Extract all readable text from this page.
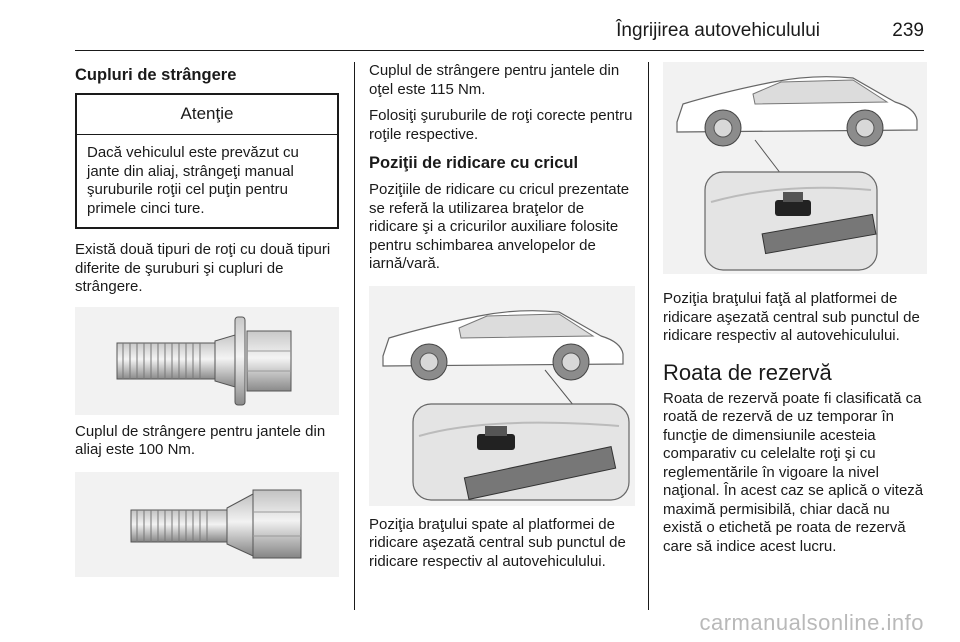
Îngrijirea autovehiculului	239
Cupluri de strângere
Atenţie
Dacă vehiculul este prevăzut cu jante din aliaj, strângeţi manual şuruburile roţii cel puţin pentru primele cinci ture.

Există două tipuri de roţi cu două tipuri diferite de şuruburi şi cupluri de strângere.

Cuplul de strângere pentru jantele din aliaj este 100 Nm.

Cuplul de strângere pentru jantele din oţel este 115 Nm.

Folosiţi şuruburile de roţi corecte pentru roţile respective.

Poziţii de ridicare cu cricul

Poziţiile de ridicare cu cricul prezentate se referă la utilizarea braţelor de ridicare şi a cricurilor auxiliare folosite pentru schimbarea anvelopelor de iarnă/vară.

Poziţia braţului spate al platformei de ridicare aşezată central sub punctul de ridicare respectiv al autovehiculului.

Poziţia braţului faţă al platformei de ridicare aşezată central sub punctul de ridicare respectiv al autovehiculului.

Roata de rezervă

Roata de rezervă poate fi clasificată ca roată de rezervă de uz temporar în funcţie de dimensiunile acesteia comparativ cu celelalte roţi şi cu reglementările în vigoare la nivel naţional. În acest caz se aplică o viteză maximă permisibilă, chiar dacă nu există o etichetă pe roata de rezervă care să indice acest lucru.

carmanualsonline.info
